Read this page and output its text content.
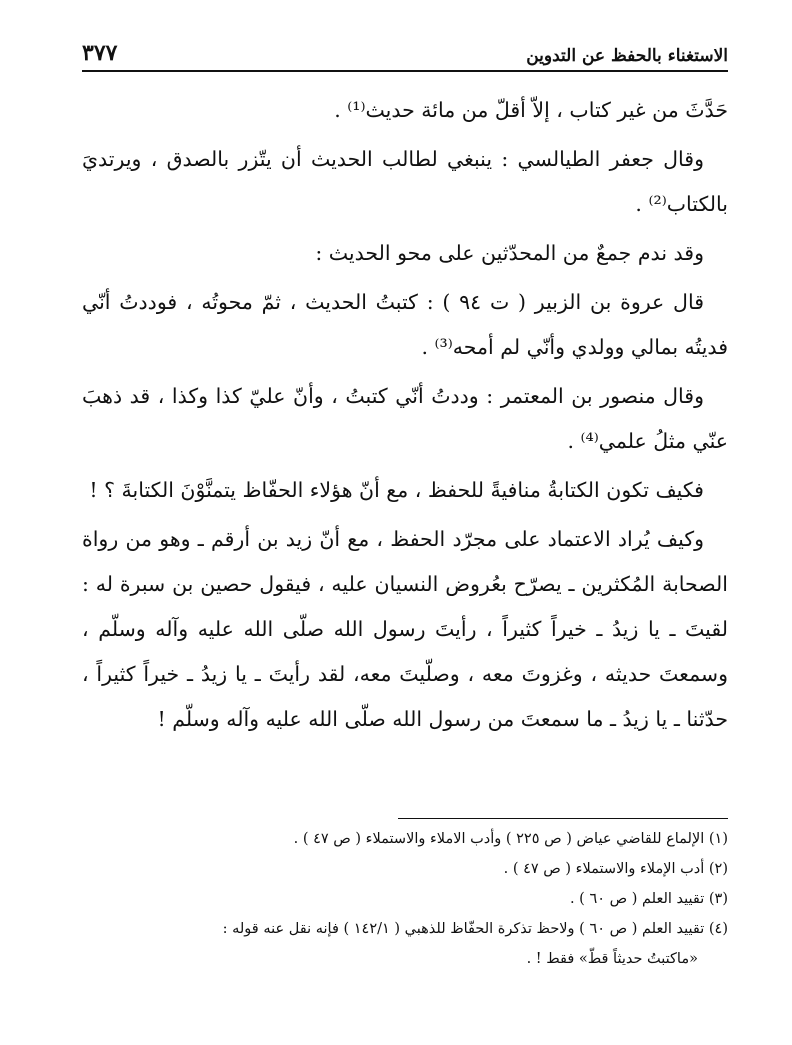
الاستغناء بالحفظ عن التدوين
٣٧٧

حَدَّثَ من غير كتاب ، إلاّ أقلّ من مائة حديث⁽¹⁾ .

وقال جعفر الطيالسي : ينبغي لطالب الحديث أن يتّزر بالصدق ، ويرتديَ بالكتاب⁽²⁾ .

وقد ندم جمعٌ من المحدّثين على محو الحديث :

قال عروة بن الزبير ( ت ٩٤ ) : كتبتُ الحديث ، ثمّ محوتُه ، فوددتُ أنّي فديتُه بمالي وولدي وأنّي لم أمحه⁽³⁾ .

وقال منصور بن المعتمر : وددتُ أنّي كتبتُ ، وأنّ عليّ كذا وكذا ، قد ذهبَ عنّي مثلُ علمي⁽⁴⁾ .

فكيف تكون الكتابةُ منافيةً للحفظ ، مع أنّ هؤلاء الحفّاظ يتمنَّوْنَ الكتابةَ ؟ !

وكيف يُراد الاعتماد على مجرّد الحفظ ، مع أنّ زيد بن أرقم ـ وهو من رواة الصحابة المُكثرين ـ يصرّح بعُروض النسيان عليه ، فيقول حصين بن سبرة له : لقيتَ ـ يا زيدُ ـ خيراً كثيراً ، رأيتَ رسول الله صلّى الله عليه وآله وسلّم ، وسمعتَ حديثه ، وغزوتَ معه ، وصلّيتَ معه، لقد رأيتَ ـ يا زيدُ ـ خيراً كثيراً ، حدّثنا ـ يا زيدُ ـ ما سمعتَ من رسول الله صلّى الله عليه وآله وسلّم !

(١) الإلماع للقاضي عياض ( ص ٢٢٥ ) وأدب الاملاء والاستملاء ( ص ٤٧ ) .

(٢) أدب الإملاء والاستملاء ( ص ٤٧ ) .

(٣) تقييد العلم ( ص ٦٠ ) .

(٤) تقييد العلم ( ص ٦٠ ) ولاحظ تذكرة الحفّاظ للذهبي ( ١٤٢/١ ) فإنه نقل عنه قوله :

«ماكتبتُ حديثاً قطّ» فقط ! .
